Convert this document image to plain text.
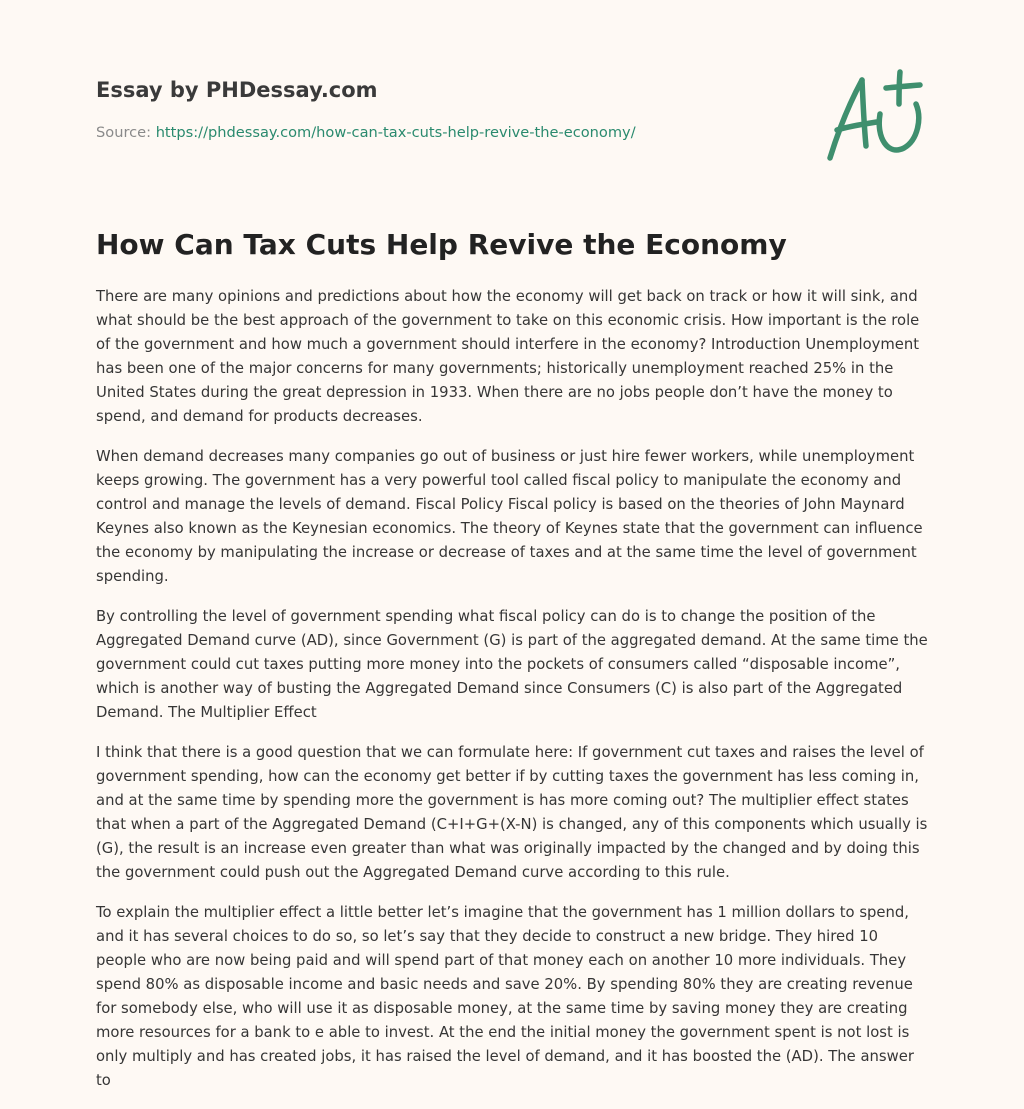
Essay by PHDessay.com
Source: https://phdessay.com/how-can-tax-cuts-help-revive-the-economy/
How Can Tax Cuts Help Revive the Economy

There are many opinions and predictions about how the economy will get back on track or how it will sink, and what should be the best approach of the government to take on this economic crisis. How important is the role of the government and how much a government should interfere in the economy? Introduction Unemployment has been one of the major concerns for many governments; historically unemployment reached 25% in the United States during the great depression in 1933. When there are no jobs people don’t have the money to spend, and demand for products decreases.

When demand decreases many companies go out of business or just hire fewer workers, while unemployment keeps growing. The government has a very powerful tool called fiscal policy to manipulate the economy and control and manage the levels of demand. Fiscal Policy Fiscal policy is based on the theories of John Maynard Keynes also known as the Keynesian economics. The theory of Keynes state that the government can influence the economy by manipulating the increase or decrease of taxes and at the same time the level of government spending.

By controlling the level of government spending what fiscal policy can do is to change the position of the Aggregated Demand curve (AD), since Government (G) is part of the aggregated demand. At the same time the government could cut taxes putting more money into the pockets of consumers called “disposable income”, which is another way of busting the Aggregated Demand since Consumers (C) is also part of the Aggregated Demand. The Multiplier Effect

I think that there is a good question that we can formulate here: If government cut taxes and raises the level of government spending, how can the economy get better if by cutting taxes the government has less coming in, and at the same time by spending more the government is has more coming out? The multiplier effect states that when a part of the Aggregated Demand (C+I+G+(X-N) is changed, any of this components which usually is (G), the result is an increase even greater than what was originally impacted by the changed and by doing this the government could push out the Aggregated Demand curve according to this rule.

To explain the multiplier effect a little better let’s imagine that the government has 1 million dollars to spend, and it has several choices to do so, so let’s say that they decide to construct a new bridge. They hired 10 people who are now being paid and will spend part of that money each on another 10 more individuals. They spend 80% as disposable income and basic needs and save 20%. By spending 80% they are creating revenue for somebody else, who will use it as disposable money, at the same time by saving money they are creating more resources for a bank to e able to invest. At the end the initial money the government spent is not lost is only multiply and has created jobs, it has raised the level of demand, and it has boosted the (AD). The answer to
